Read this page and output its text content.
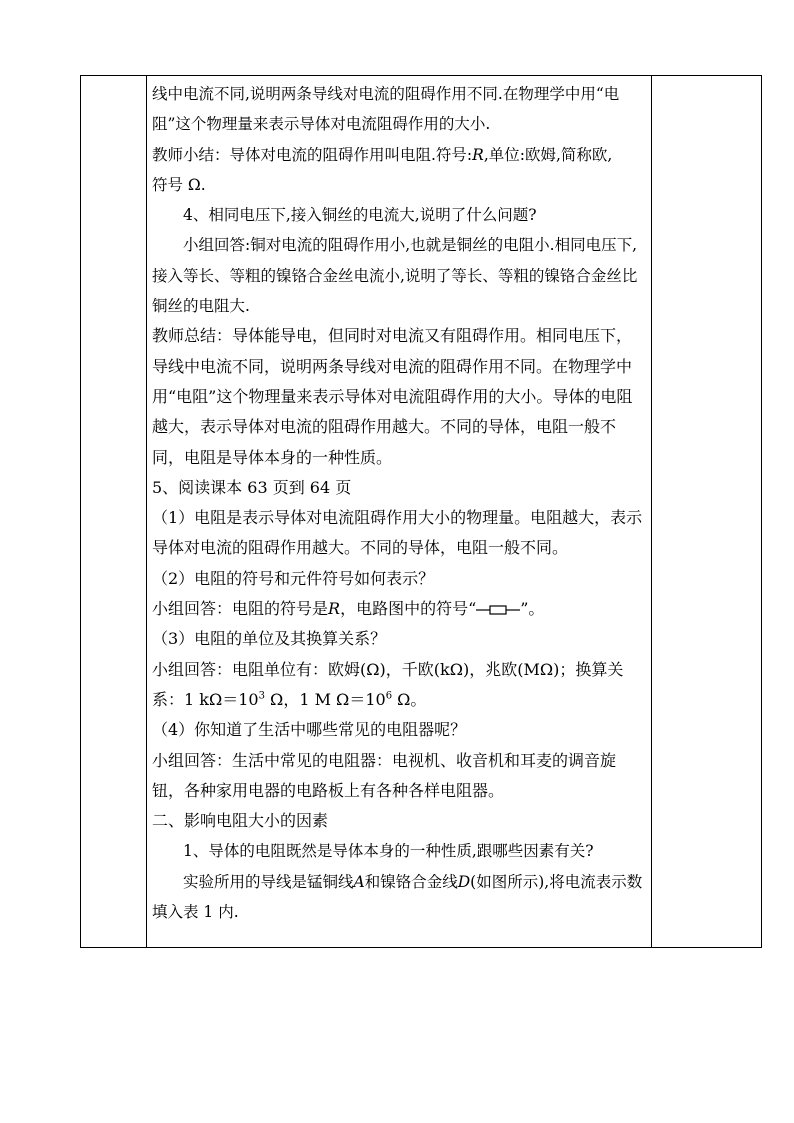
线中电流不同,说明两条导线对电流的阻碍作用不同.在物理学中用“电
阻”这个物理量来表示导体对电流阻碍作用的大小.

教师小结：导体对电流的阻碍作用叫电阻.符号:R,单位:欧姆,简称欧,
符号 Ω.

4、相同电压下,接入铜丝的电流大,说明了什么问题?

小组回答:铜对电流的阻碍作用小,也就是铜丝的电阻小.相同电压下,接入等长、等粗的镍铬合金丝电流小,说明了等长、等粗的镍铬合金丝比铜丝的电阻大.

教师总结：导体能导电，但同时对电流又有阻碍作用。相同电压下，导线中电流不同，说明两条导线对电流的阻碍作用不同。在物理学中用“电阻”这个物理量来表示导体对电流阻碍作用的大小。导体的电阻越大，表示导体对电流的阻碍作用越大。不同的导体，电阻一般不同，电阻是导体本身的一种性质。

5、阅读课本 63 页到 64 页

（1）电阻是表示导体对电流阻碍作用大小的物理量。电阻越大，表示导体对电流的阻碍作用越大。不同的导体，电阻一般不同。

（2）电阻的符号和元件符号如何表示？

小组回答：电阻的符号是R，电路图中的符号“	”。

（3）电阻的单位及其换算关系？

小组回答：电阻单位有：欧姆(Ω)，千欧(kΩ)，兆欧(MΩ)；换算关系：1 $k\Omega=10^3$ Ω，1 M $\Omega=10^6$ Ω。

（4）你知道了生活中哪些常见的电阻器呢？

小组回答：生活中常见的电阻器：电视机、收音机和耳麦的调音旋钮，各种家用电器的电路板上有各种各样电阻器。

二、影响电阻大小的因素

1、导体的电阻既然是导体本身的一种性质,跟哪些因素有关?

实验所用的导线是锰铜线A和镍铬合金线D(如图所示),将电流表示数填入表 1 内.
